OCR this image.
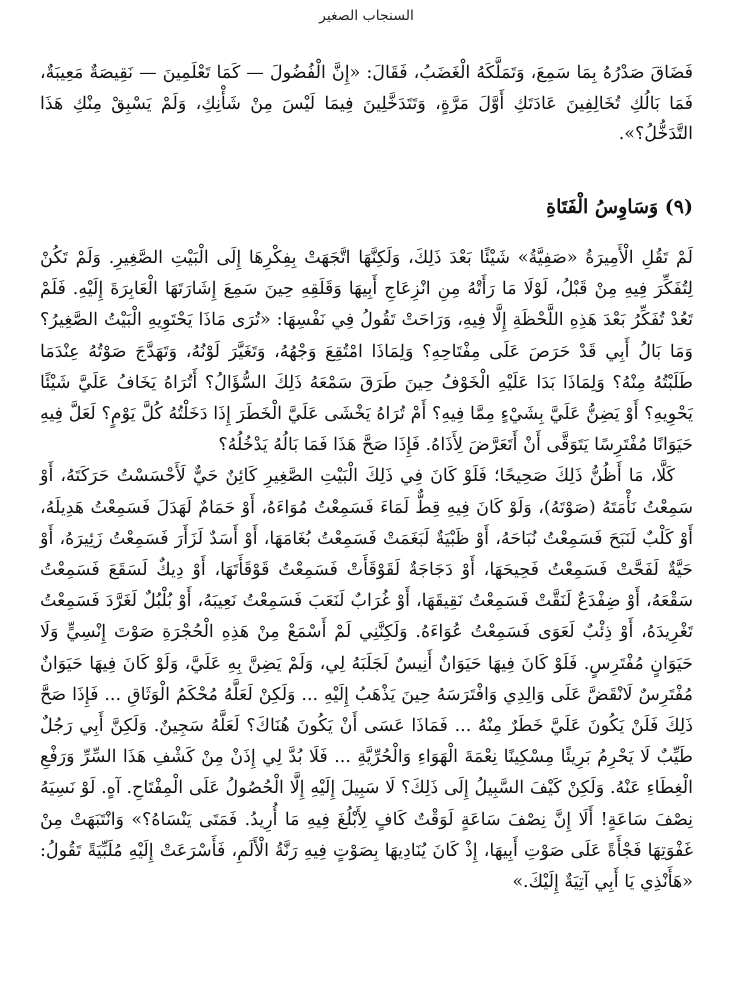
السنجاب الصغير

فَضَاقَ صَدْرُهُ بِمَا سَمِعَ، وَتَمَلَّكَهُ الْغَضَبُ، فَقَالَ: «إِنَّ الْفُضُولَ — كَمَا تَعْلَمِينَ — نَقِيصَةٌ مَعِيبَةٌ، فَمَا بَالُكِ تُخَالِفِينَ عَادَتَكِ أَوَّلَ مَرَّةٍ، وَتَتَدَخَّلِينَ فِيمَا لَيْسَ مِنْ شَأْنِكِ، وَلَمْ يَسْبِقْ مِنْكِ هَذَا التَّدَخُّلُ؟».

(٩) وَسَاوِسُ الْفَتَاةِ

لَمْ تَقُلِ الْأَمِيرَةُ «صَفِيَّةُ» شَيْئًا بَعْدَ ذَلِكَ، وَلَكِنَّهَا اتَّجَهَتْ بِفِكْرِهَا إِلَى الْبَيْتِ الصَّغِيرِ. وَلَمْ تَكُنْ لِتُفَكِّرَ فِيهِ مِنْ قَبْلُ، لَوْلَا مَا رَأَتْهُ مِنِ انْزِعَاجِ أَبِيهَا وَقَلَقِهِ حِينَ سَمِعَ إِشَارَتَهَا الْعَابِرَةَ إِلَيْهِ. فَلَمْ تَعُدْ تُفَكِّرُ بَعْدَ هَذِهِ اللَّحْظَةِ إِلَّا فِيهِ، وَرَاحَتْ تَقُولُ فِي نَفْسِهَا: «تُرَى مَاذَا يَحْتَوِيهِ الْبَيْتُ الصَّغِيرُ؟ وَمَا بَالُ أَبِي قَدْ حَرَصَ عَلَى مِفْتَاحِهِ؟ وَلِمَاذَا امْتُقِعَ وَجْهُهُ، وَتَغَيَّرَ لَوْنُهُ، وَتَهَدَّجَ صَوْتُهُ عِنْدَمَا طَلَبْتُهُ مِنْهُ؟ وَلِمَاذَا بَدَا عَلَيْهِ الْخَوْفُ حِينَ طَرَقَ سَمْعَهُ ذَلِكَ السُّؤَالُ؟ أَتُرَاهُ يَخَافُ عَلَيَّ شَيْئًا يَحْوِيهِ؟ أَوْ يَضِنُّ عَلَيَّ بِشَيْءٍ مِمَّا فِيهِ؟ أَمْ تُرَاهُ يَخْشَى عَلَيَّ الْخَطَرَ إِذَا دَخَلْتُهُ كُلَّ يَوْمٍ؟ لَعَلَّ فِيهِ حَيَوَانًا مُفْتَرِسًا يَتَوَقَّى أَنْ أَتَعَرَّضَ لِأَذَاهُ. فَإِذَا صَحَّ هَذَا فَمَا بَالُهُ يَدْخُلُهُ؟

كَلَّا، مَا أَظُنُّ ذَلِكَ صَحِيحًا؛ فَلَوْ كَانَ فِي ذَلِكَ الْبَيْتِ الصَّغِيرِ كَائِنٌ حَيٌّ لَأَحْسَسْتُ حَرَكَتَهُ، أَوْ سَمِعْتُ نَأْمَتَهُ (صَوْتَهُ)، وَلَوْ كَانَ فِيهِ قِطٌّ لَمَاءَ فَسَمِعْتُ مُوَاءَهُ، أَوْ حَمَامٌ لَهَدَلَ فَسَمِعْتُ هَدِيلَهُ، أَوْ كَلْبٌ لَنَبَحَ فَسَمِعْتُ نُبَاحَهُ، أَوْ ظَبْيَةٌ لَبَغَمَتْ فَسَمِعْتُ بُغَامَهَا، أَوْ أَسَدٌ لَزَأَرَ فَسَمِعْتُ زَئِيرَهُ، أَوْ حَيَّةٌ لَفَحَّتْ فَسَمِعْتُ فَحِيحَهَا، أَوْ دَجَاجَةٌ لَقَوْقَأَتْ فَسَمِعْتُ قَوْقَأَتَهَا، أَوْ دِيكٌ لَسَقَعَ فَسَمِعْتُ سَقْعَهُ، أَوْ ضِفْدَعٌ لَنَقَّتْ فَسَمِعْتُ نَقِيقَهَا، أَوْ غُرَابٌ لَنَعَبَ فَسَمِعْتُ نَعِيبَهُ، أَوْ بُلْبُلٌ لَغَرَّدَ فَسَمِعْتُ تَغْرِيدَهُ، أَوْ ذِئْبٌ لَعَوَى فَسَمِعْتُ عُوَاءَهُ. وَلَكِنَّنِي لَمْ أَسْمَعْ مِنْ هَذِهِ الْحُجْرَةِ صَوْتَ إِنْسِيٍّ وَلَا حَيَوَانٍ مُفْتَرِسٍ. فَلَوْ كَانَ فِيهَا حَيَوَانٌ أَنِيسٌ لَجَلَبَهُ لِي، وَلَمْ يَضِنَّ بِهِ عَلَيَّ، وَلَوْ كَانَ فِيهَا حَيَوَانٌ مُفْتَرِسٌ لَانْقَضَّ عَلَى وَالِدِي وَافْتَرَسَهُ حِينَ يَذْهَبُ إِلَيْهِ ... وَلَكِنْ لَعَلَّهُ مُحْكَمُ الْوَثَاقِ ... فَإِذَا صَحَّ ذَلِكَ فَلَنْ يَكُونَ عَلَيَّ خَطَرٌ مِنْهُ ... فَمَاذَا عَسَى أَنْ يَكُونَ هُنَاكَ؟ لَعَلَّهُ سَجِينٌ. وَلَكِنَّ أَبِي رَجُلٌ طَيِّبٌ لَا يَحْرِمُ بَرِيئًا مِسْكِينًا نِعْمَةَ الْهَوَاءِ وَالْحُرِّيَّةِ ... فَلَا بُدَّ لِي إِذَنْ مِنْ كَشْفِ هَذَا السِّرِّ وَرَفْعِ الْغِطَاءِ عَنْهُ. وَلَكِنْ كَيْفَ السَّبِيلُ إِلَى ذَلِكَ؟ لَا سَبِيلَ إِلَيْهِ إِلَّا الْحُصُولُ عَلَى الْمِفْتَاحِ. آهٍ. لَوْ نَسِيَهُ نِصْفَ سَاعَةٍ! أَلَا إِنَّ نِصْفَ سَاعَةٍ لَوَقْتٌ كَافٍ لِأَبْلُغَ فِيهِ مَا أُرِيدُ. فَمَتَى يَنْسَاهُ؟» وَانْتَبَهَتْ مِنْ غَفْوَتِهَا فَجْأَةً عَلَى صَوْتِ أَبِيهَا، إِذْ كَانَ يُنَادِيهَا بِصَوْتٍ فِيهِ رَنَّةُ الْأَلَمِ، فَأَسْرَعَتْ إِلَيْهِ مُلَبِّيَةً تَقُولُ: «هَأَنْذِي يَا أَبِي آتِيَةٌ إِلَيْكَ.»
